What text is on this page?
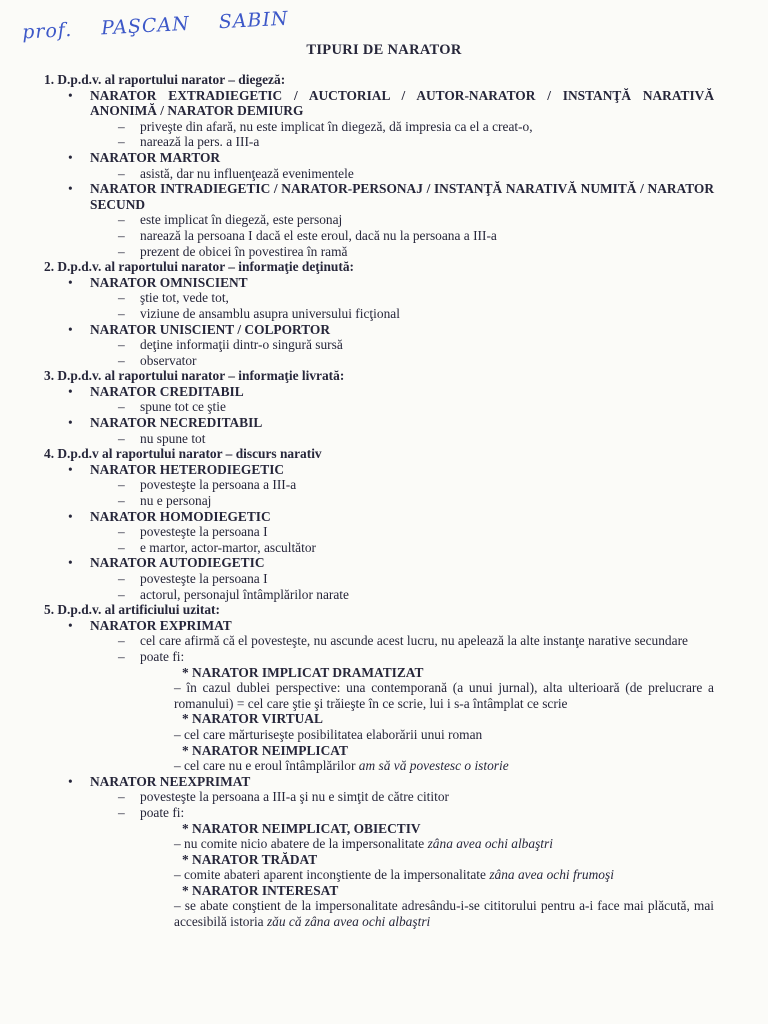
prof. PAŞCAN SABIN
TIPURI DE NARATOR

1. D.p.d.v. al raportului narator – diegeză:

• NARATOR EXTRADIEGETIC / AUCTORIAL / AUTOR-NARATOR / INSTANŢĂ NARATIVĂ ANONIMĂ / NARATOR DEMIURG
– priveşte din afară, nu este implicat în diegeză, dă impresia ca el a creat-o,
– narează la pers. a III-a
• NARATOR MARTOR
– asistă, dar nu influenţează evenimentele
• NARATOR INTRADIEGETIC / NARATOR-PERSONAJ / INSTANŢĂ NARATIVĂ NUMITĂ / NARATOR SECUND
– este implicat în diegeză, este personaj
– narează la persoana I dacă el este eroul, dacă nu la persoana a III-a
– prezent de obicei în povestirea în ramă

2. D.p.d.v. al raportului narator – informaţie deţinută:

• NARATOR OMNISCIENT
– ştie tot, vede tot,
– viziune de ansamblu asupra universului ficţional
• NARATOR UNISCIENT / COLPORTOR
– deţine informaţii dintr-o singură sursă
– observator

3. D.p.d.v. al raportului narator – informaţie livrată:

• NARATOR CREDITABIL
– spune tot ce ştie
• NARATOR NECREDITABIL
– nu spune tot

4. D.p.d.v al raportului narator – discurs narativ

• NARATOR HETERODIEGETIC
– povesteşte la persoana a III-a
– nu e personaj
• NARATOR HOMODIEGETIC
– povesteşte la persoana I
– e martor, actor-martor, ascultător
• NARATOR AUTODIEGETIC
– povesteşte la persoana I
– actorul, personajul întâmplărilor narate

5. D.p.d.v. al artificiului uzitat:

• NARATOR EXPRIMAT
– cel care afirmă că el povesteşte, nu ascunde acest lucru, nu apelează la alte instanţe narative secundare
– poate fi:
* NARATOR IMPLICAT DRAMATIZAT
– în cazul dublei perspective: una contemporană (a unui jurnal), alta ulterioară (de prelucrare a romanului) = cel care ştie şi trăieşte în ce scrie, lui i s-a întâmplat ce scrie
* NARATOR VIRTUAL
– cel care mărturiseşte posibilitatea elaborării unui roman
* NARATOR NEIMPLICAT
– cel care nu e eroul întâmplărilor am să vă povestesc o istorie
• NARATOR NEEXPRIMAT
– povesteşte la persoana a III-a şi nu e simţit de către cititor
– poate fi:
* NARATOR NEIMPLICAT, OBIECTIV
– nu comite nicio abatere de la impersonalitate zâna avea ochi albaştri
* NARATOR TRĂDAT
– comite abateri aparent inconştiente de la impersonalitate zâna avea ochi frumoşi
* NARATOR INTERESAT
– se abate conştient de la impersonalitate adresându-i-se cititorului pentru a-i face mai plăcută, mai accesibilă istoria zău că zâna avea ochi albaştri
